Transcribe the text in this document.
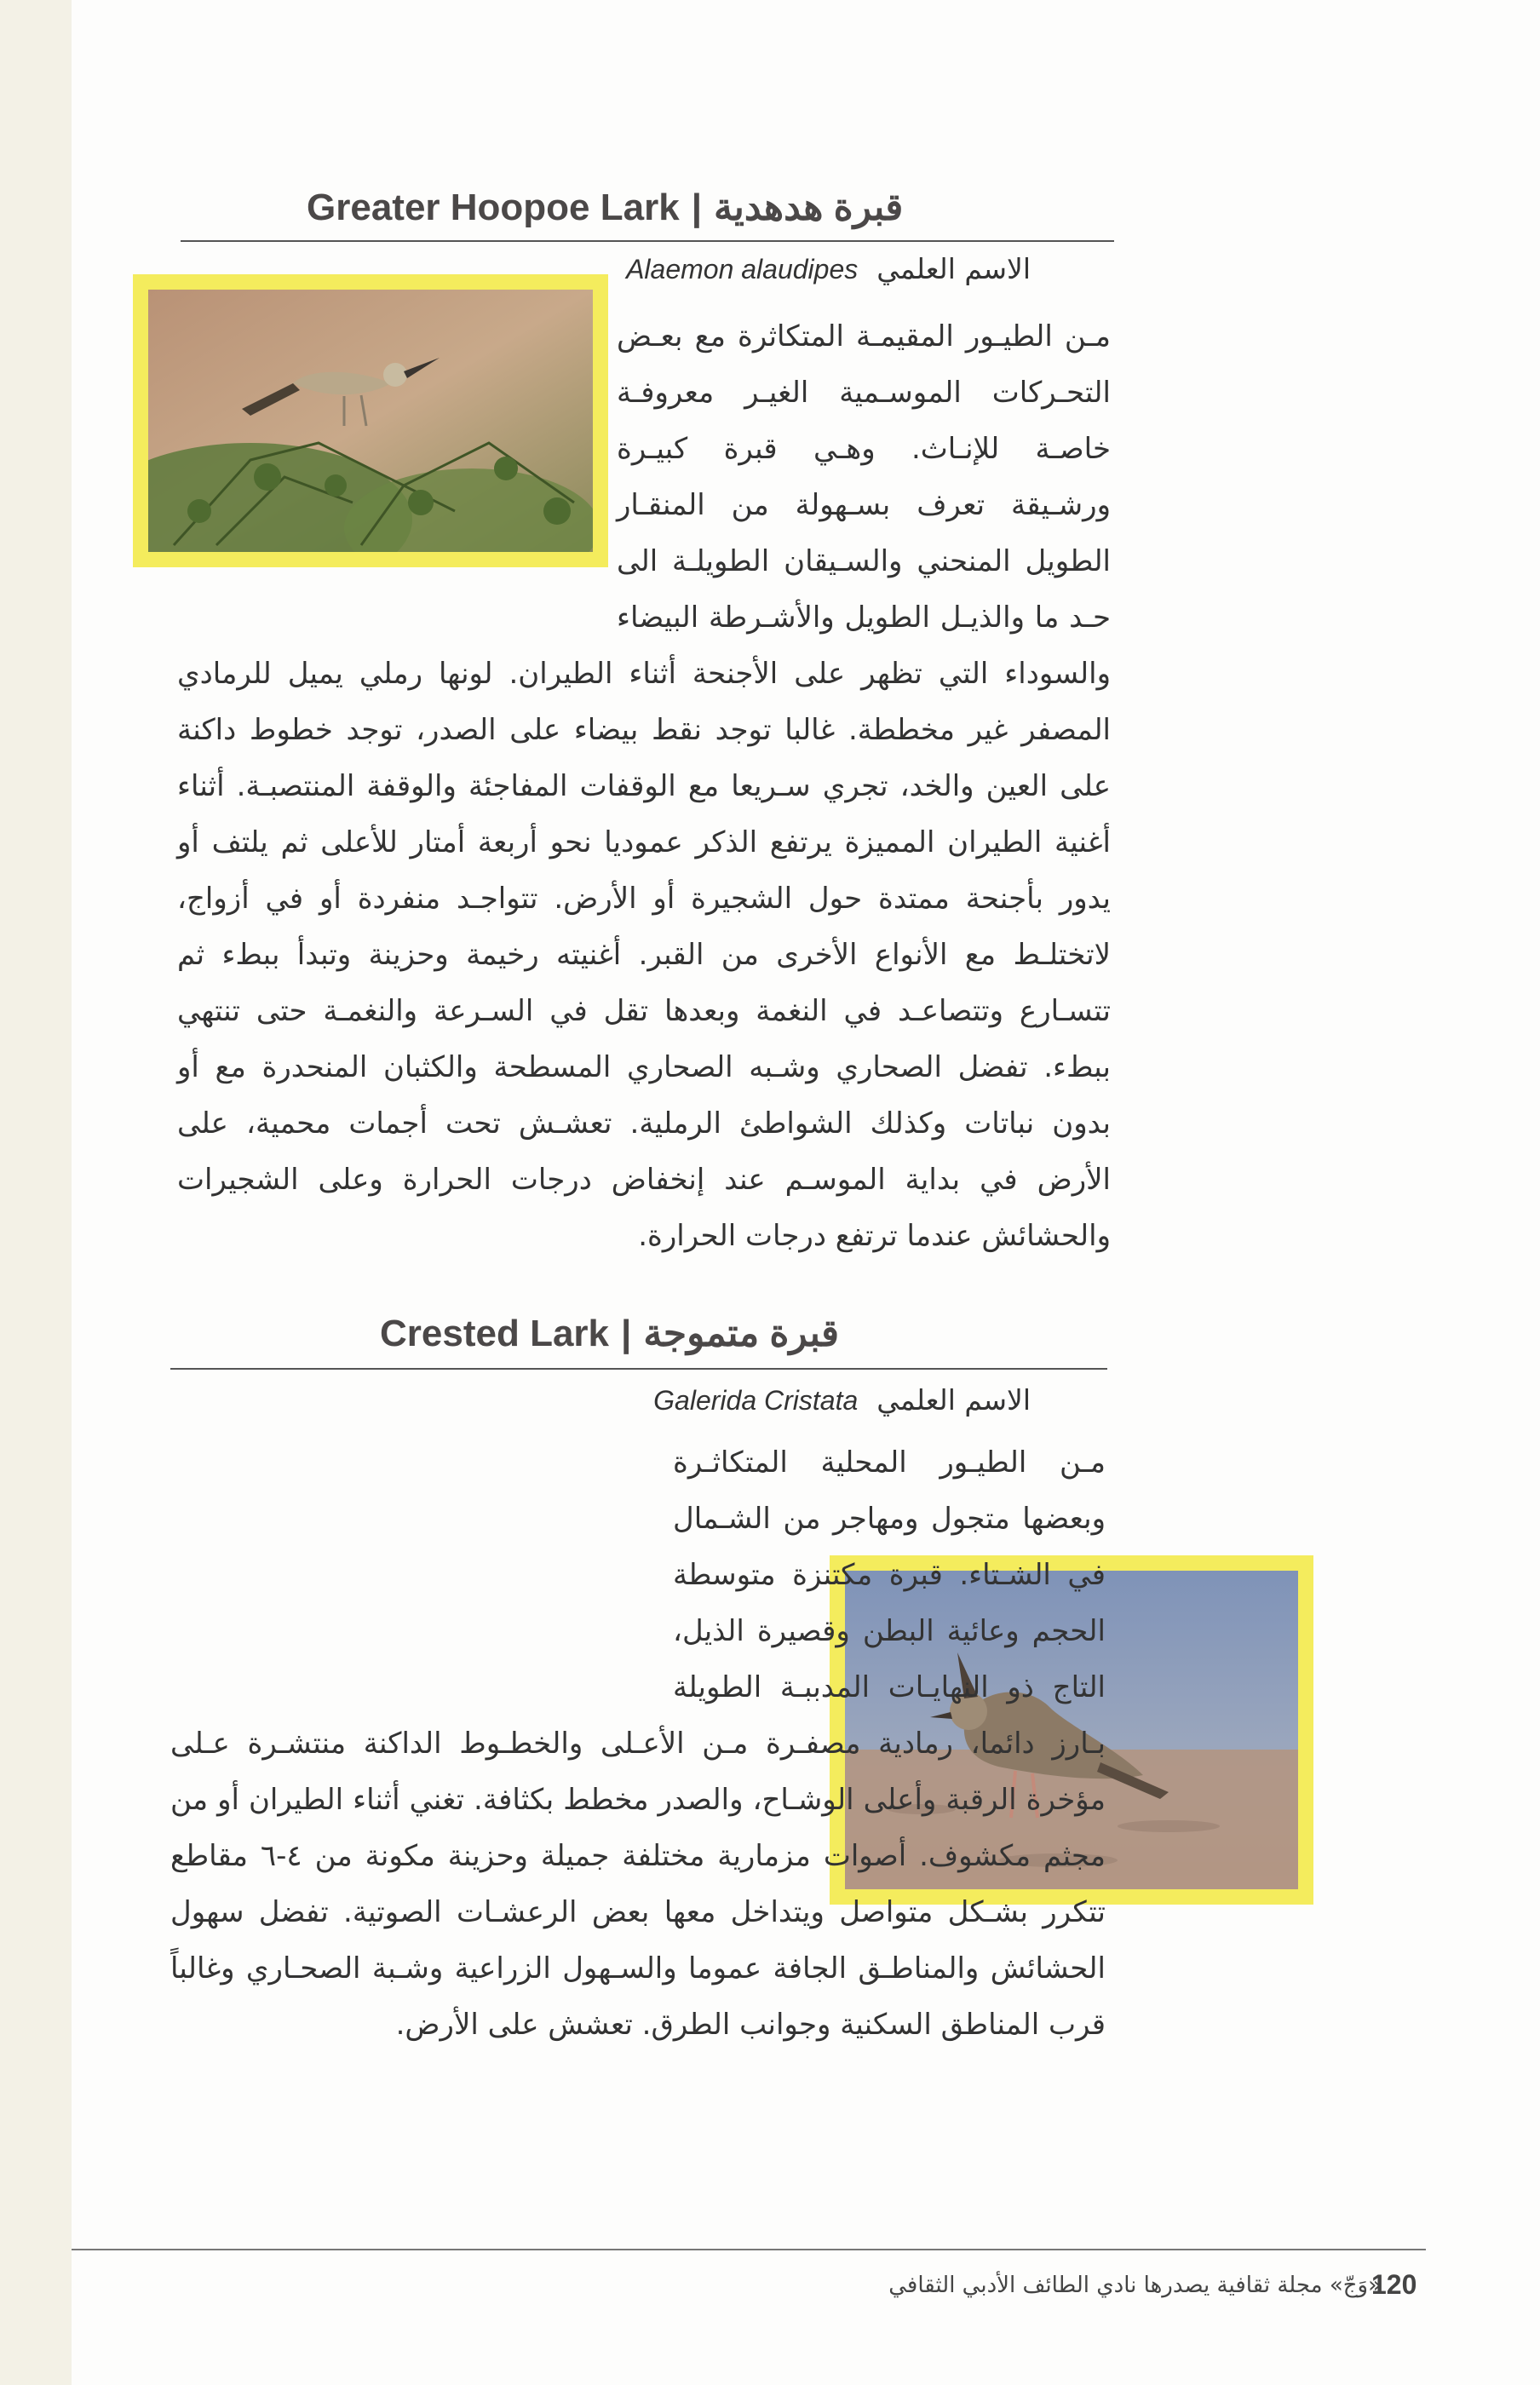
Greater Hoopoe Lark | قبرة هدهدية
الاسم العلميAlaemon alaudipes
مـن الطيـور المقيمـة المتكاثرة مع بعـض التحـركات الموسـمية الغيـر معروفـة خاصـة للإنـاث. وهـي قبرة كبيـرة ورشـيقة تعرف بسـهولة من المنقـار الطويل المنحني والسـيقان الطويلـة الى حـد ما والذيـل الطويل والأشـرطة البيضاء والسوداء التي تظهر على الأجنحة أثناء الطيران. لونها رملي يميل للرمادي المصفر غير مخططة. غالبا توجد نقط بيضاء على الصدر، توجد خطوط داكنة على العين والخد، تجري سـريعا مع الوقفات المفاجئة والوقفة المنتصبـة. أثناء أغنية الطيران المميزة يرتفع الذكر عموديا نحو أربعة أمتار للأعلى ثم يلتف أو يدور بأجنحة ممتدة حول الشجيرة أو الأرض. تتواجـد منفردة أو في أزواج، لاتختلـط مع الأنواع الأخرى من القبر. أغنيته رخيمة وحزينة وتبدأ ببطء ثم تتسـارع وتتصاعـد في النغمة وبعدها تقل في السـرعة والنغمـة حتى تنتهي ببطء. تفضل الصحاري وشـبه الصحاري المسطحة والكثبان المنحدرة مع أو بدون نباتات وكذلك الشواطئ الرملية. تعشـش تحت أجمات محمية، على الأرض في بداية الموسـم عند إنخفاض درجات الحرارة وعلى الشجيرات والحشائش عندما ترتفع درجات الحرارة.
Crested Lark | قبرة متموجة
الاسم العلميGalerida Cristata
مـن الطيـور المحلية المتكاثـرة وبعضها متجول ومهاجر من الشـمال في الشـتاء. قبرة مكتنزة متوسطة الحجم وعائية البطن وقصيرة الذيل، التاج ذو النهايـات المدببـة الطويلة بـارز دائما، رمادية مصفـرة مـن الأعـلى والخطـوط الداكنة منتشـرة عـلى مؤخرة الرقبة وأعلى الوشـاح، والصدر مخطط بكثافة. تغني أثناء الطيران أو من مجثم مكشوف. أصوات مزمارية مختلفة جميلة وحزينة مكونة من ٤-٦ مقاطع تتكرر بشـكل متواصل ويتداخل معها بعض الرعشـات الصوتية. تفضل سهول الحشائش والمناطـق الجافة عموما والسـهول الزراعية وشـبة الصحـاري وغالباً قرب المناطق السكنية وجوانب الطرق. تعشش على الأرض.
«وَجّ» مجلة ثقافية يصدرها نادي الطائف الأدبي الثقافي
120
